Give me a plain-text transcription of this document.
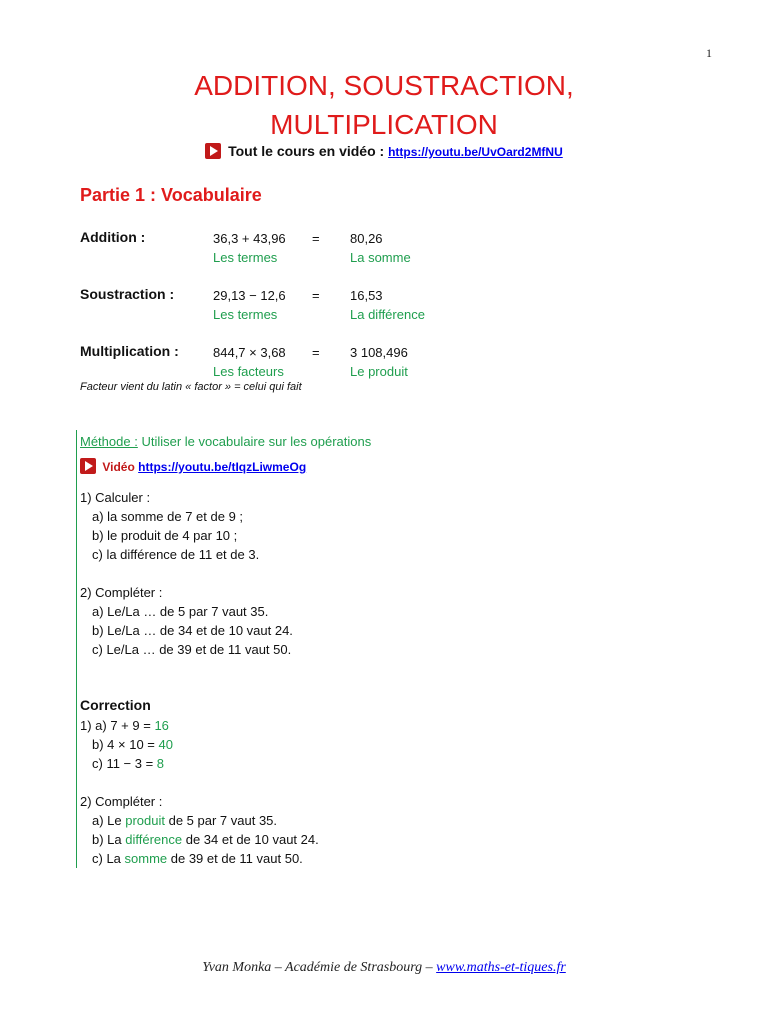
1
ADDITION, SOUSTRACTION,
MULTIPLICATION
Tout le cours en vidéo : https://youtu.be/UvOard2MfNU
Partie 1 : Vocabulaire
Addition :	36,3 + 43,96 = 80,26
Les termes	La somme
Soustraction :	29,13 − 12,6 = 16,53
Les termes	La différence
Multiplication :	844,7 × 3,68 = 3 108,496
Les facteurs	Le produit
Facteur vient du latin « factor » = celui qui fait
Méthode : Utiliser le vocabulaire sur les opérations
Vidéo https://youtu.be/tIqzLiwmeOg
1) Calculer :
a) la somme de 7 et de 9 ;
b) le produit de 4 par 10 ;
c) la différence de 11 et de 3.
2) Compléter :
a) Le/La … de 5 par 7 vaut 35.
b) Le/La … de 34 et de 10 vaut 24.
c) Le/La … de 39 et de 11 vaut 50.
Correction
1) a) 7 + 9 = 16
b) 4 × 10 = 40
c) 11 − 3 = 8
2) Compléter :
a) Le produit de 5 par 7 vaut 35.
b) La différence de 34 et de 10 vaut 24.
c) La somme de 39 et de 11 vaut 50.
Yvan Monka – Académie de Strasbourg – www.maths-et-tiques.fr
